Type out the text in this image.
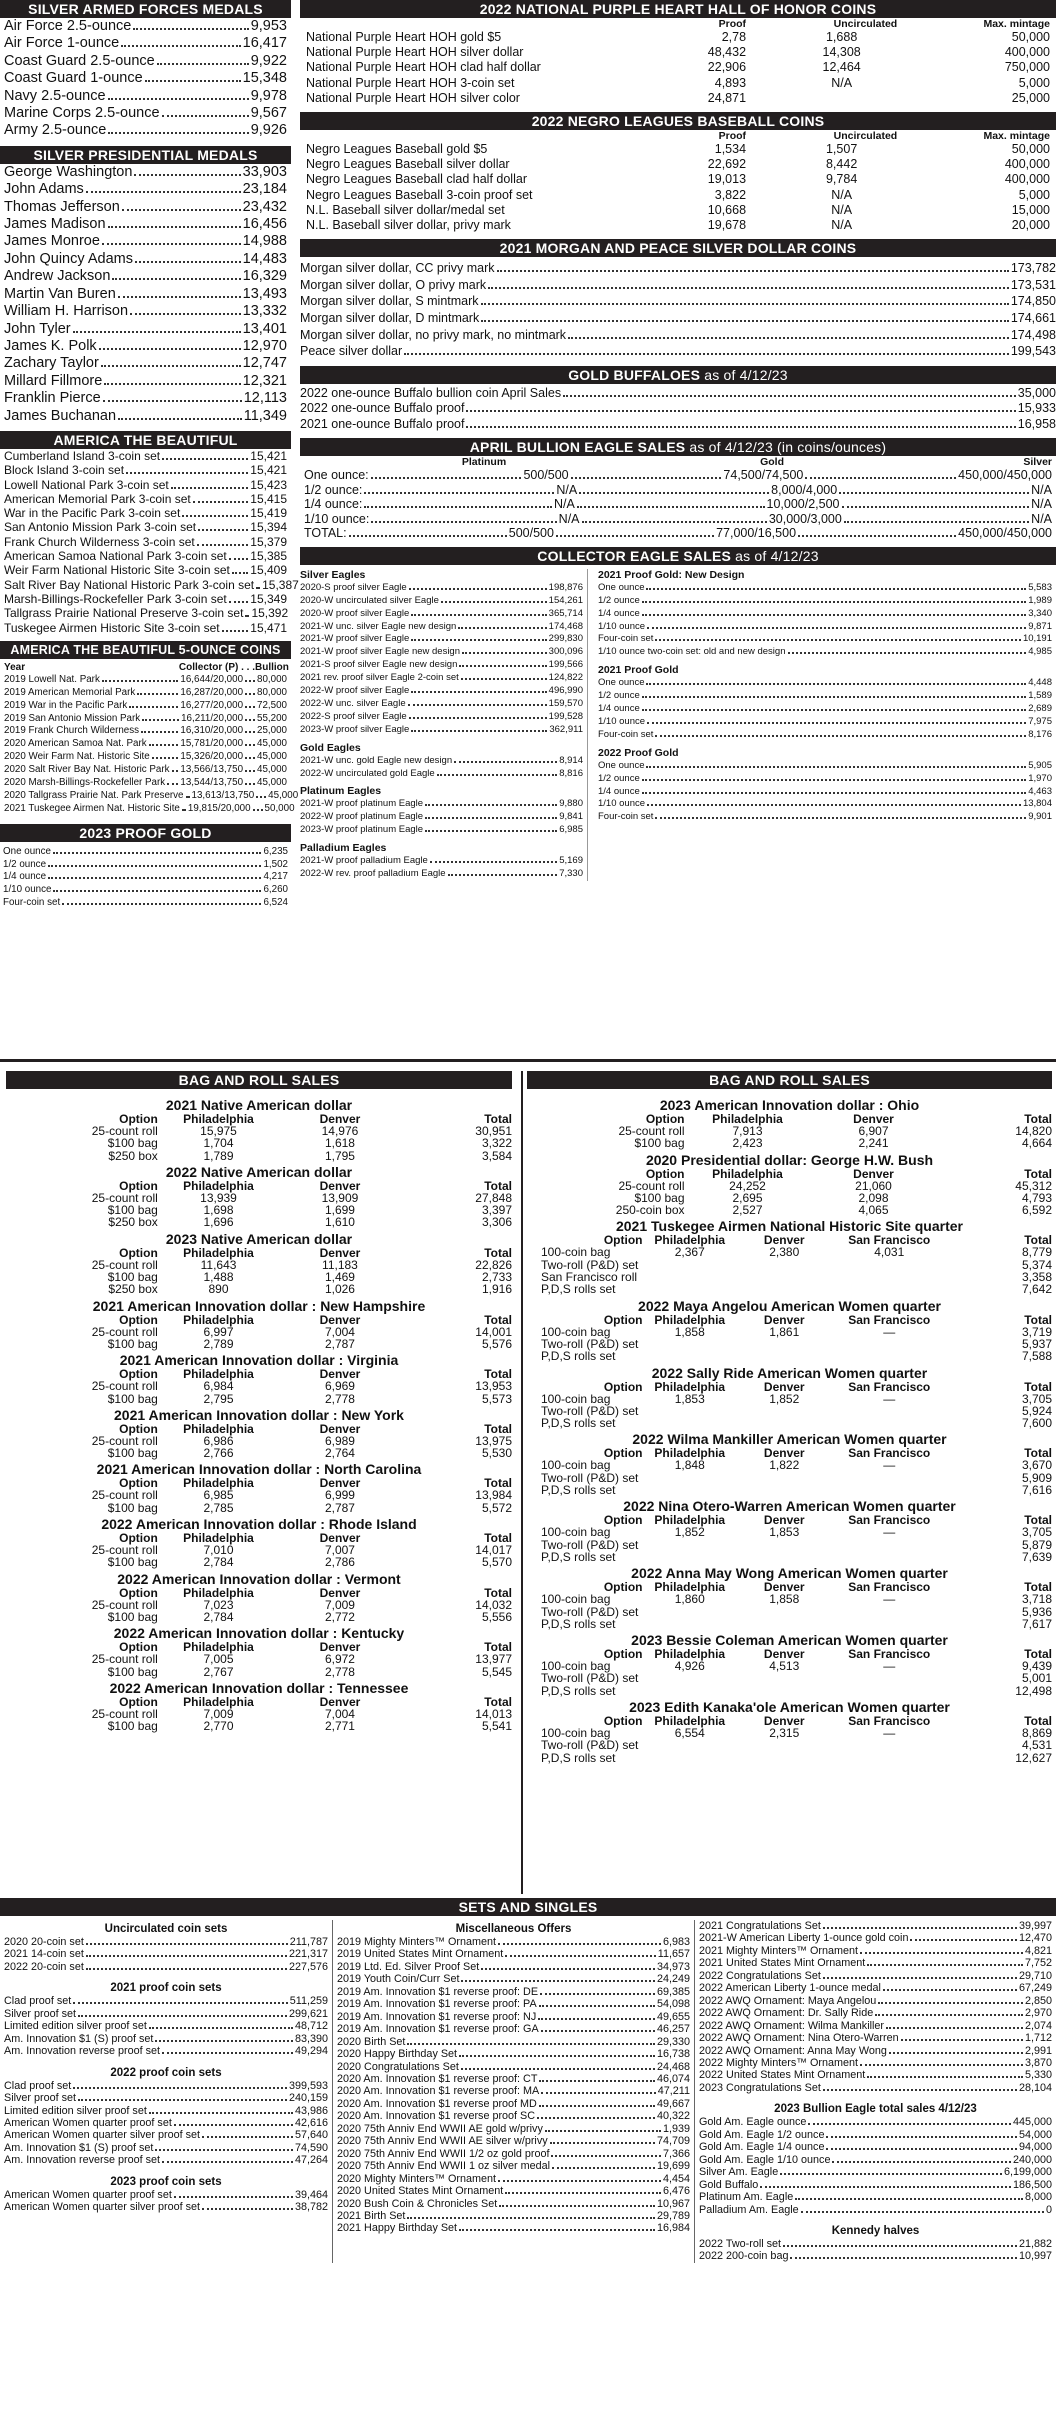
SILVER ARMED FORCES MEDALS
Air Force 2.5-ounce	9,953
Air Force 1-ounce	16,417
Coast Guard 2.5-ounce	9,922
Coast Guard 1-ounce	15,348
Navy 2.5-ounce	9,978
Marine Corps 2.5-ounce	9,567
Army 2.5-ounce	9,926
SILVER PRESIDENTIAL MEDALS
George Washington	33,903
John Adams	23,184
Thomas Jefferson	23,432
James Madison	16,456
James Monroe	14,988
John Quincy Adams	14,483
Andrew Jackson	16,329
Martin Van Buren	13,493
William H. Harrison	13,332
John Tyler	13,401
James K. Polk	12,970
Zachary Taylor	12,747
Millard Fillmore	12,321
Franklin Pierce	12,113
James Buchanan	11,349
AMERICA THE BEAUTIFUL
Cumberland Island 3-coin set	15,421
Block Island 3-coin set	15,421
Lowell National Park 3-coin set	15,423
American Memorial Park 3-coin set	15,415
War in the Pacific Park 3-coin set	15,419
San Antonio Mission Park 3-coin set	15,394
Frank Church Wilderness 3-coin set	15,379
American Samoa National Park 3-coin set 15,385
Weir Farm National Historic Site 3-coin set 15,409
Salt River Bay National Historic Park 3-coin set 15,387
Marsh-Billings-Rockefeller Park 3-coin set 15,349
Tallgrass Prairie National Preserve 3-coin set 15,392
Tuskegee Airmen Historic Site 3-coin set	15,471
AMERICA THE BEAUTIFUL 5-OUNCE COINS
Year	Collector (P) . . . Bullion
2019 Lowell Nat. Park	16,644/20,000 80,000
2019 American Memorial Park	16,287/20,000 80,000
2019 War in the Pacific Park	16,277/20,000 72,500
2019 San Antonio Mission Park	16,211/20,000 55,200
2019 Frank Church Wilderness	16,310/20,000 25,000
2020 American Samoa Nat. Park	15,781/20,000 45,000
2020 Weir Farm Nat. Historic Site	15,326/20,000 45,000
2020 Salt River Bay Nat. Historic Park 13,566/13,750 45,000
2020 Marsh-Billings-Rockefeller Park 13,544/13,750 45,000
2020 Tallgrass Prairie Nat. Park Preserve 13,613/13,750 45,000
2021 Tuskegee Airmen Nat. Historic Site 19,815/20,000 50,000
2023 PROOF GOLD
One ounce	6,235
1/2 ounce	1,502
1/4 ounce	4,217
1/10 ounce	6,260
Four-coin set	6,524
2022 NATIONAL PURPLE HEART HALL OF HONOR COINS
	Proof	Uncirculated	Max. mintage
National Purple Heart HOH gold $5	2,78	1,688	50,000
National Purple Heart HOH silver dollar	48,432	14,308	400,000
National Purple Heart HOH clad half dollar	22,906	12,464	750,000
National Purple Heart HOH 3-coin set	4,893	N/A	5,000
National Purple Heart HOH silver color	24,871		25,000
2022 NEGRO LEAGUES BASEBALL COINS
	Proof	Uncirculated	Max. mintage
Negro Leagues Baseball gold $5	1,534	1,507	50,000
Negro Leagues Baseball silver dollar	22,692	8,442	400,000
Negro Leagues Baseball clad half dollar	19,013	9,784	400,000
Negro Leagues Baseball 3-coin proof set	3,822	N/A	5,000
N.L. Baseball silver dollar/medal set	10,668	N/A	15,000
N.L. Baseball silver dollar, privy mark	19,678	N/A	20,000
2021 MORGAN AND PEACE SILVER DOLLAR COINS
Morgan silver dollar, CC privy mark	173,782
Morgan silver dollar, O privy mark	173,531
Morgan silver dollar, S mintmark	174,850
Morgan silver dollar, D mintmark	174,661
Morgan silver dollar, no privy mark, no mintmark	174,498
Peace silver dollar	199,543
GOLD BUFFALOES as of 4/12/23
2022 one-ounce Buffalo bullion coin April Sales	35,000
2022 one-ounce Buffalo proof	15,933
2021 one-ounce Buffalo proof	16,958
APRIL BULLION EAGLE SALES as of 4/12/23 (in coins/ounces)
Platinum	Gold	Silver
One ounce:	500/500	74,500/74,500	450,000/450,000
1/2 ounce:	N/A	8,000/4,000	N/A
1/4 ounce:	N/A	10,000/2,500	N/A
1/10 ounce:	N/A	30,000/3,000	N/A
TOTAL:	500/500	77,000/16,500	450,000/450,000
COLLECTOR EAGLE SALES as of 4/12/23
Silver Eagles
2020-S proof silver Eagle	198,876
2020-W uncirculated silver Eagle	154,261
2020-W proof silver Eagle	365,714
2021-W unc. silver Eagle new design	174,468
2021-W proof silver Eagle	299,830
2021-W proof silver Eagle new design	300,096
2021-S proof silver Eagle new design	199,566
2021 rev. proof silver Eagle 2-coin set	124,822
2022-W proof silver Eagle	496,990
2022-W unc. silver Eagle	159,570
2022-S proof silver Eagle	199,528
2023-W proof silver Eagle	362,911
Gold Eagles
2021-W unc. gold Eagle new design	8,914
2022-W uncirculated gold Eagle	8,816
Platinum Eagles
2021-W proof platinum Eagle	9,880
2022-W proof platinum Eagle	9,841
2023-W proof platinum Eagle	6,985
Palladium Eagles
2021-W proof palladium Eagle	5,169
2022-W rev. proof palladium Eagle	7,330
2021 Proof Gold: New Design
One ounce	5,583
1/2 ounce	1,989
1/4 ounce	3,340
1/10 ounce	9,871
Four-coin set	10,191
1/10 ounce two-coin set: old and new design	4,985
2021 Proof Gold
One ounce	4,448
1/2 ounce	1,589
1/4 ounce	2,689
1/10 ounce	7,975
Four-coin set	8,176
2022 Proof Gold
One ounce	5,905
1/2 ounce	1,970
1/4 ounce	4,463
1/10 ounce	13,804
Four-coin set	9,901
BAG AND ROLL SALES
2021 Native American dollar
Option	Philadelphia	Denver	Total
25-count roll	15,975	14,976	30,951
$100 bag	1,704	1,618	3,322
$250 box	1,789	1,795	3,584
2022 Native American dollar
Option	Philadelphia	Denver	Total
25-count roll	13,939	13,909	27,848
$100 bag	1,698	1,699	3,397
$250 box	1,696	1,610	3,306
2023 Native American dollar
Option	Philadelphia	Denver	Total
25-count roll	11,643	11,183	22,826
$100 bag	1,488	1,469	2,733
$250 box	890	1,026	1,916
2021 American Innovation dollar : New Hampshire
Option	Philadelphia	Denver	Total
25-count roll	6,997	7,004	14,001
$100 bag	2,789	2,787	5,576
2021 American Innovation dollar : Virginia
Option	Philadelphia	Denver	Total
25-count roll	6,984	6,969	13,953
$100 bag	2,795	2,778	5,573
2021 American Innovation dollar : New York
Option	Philadelphia	Denver	Total
25-count roll	6,986	6,989	13,975
$100 bag	2,766	2,764	5,530
2021 American Innovation dollar : North Carolina
Option	Philadelphia	Denver	Total
25-count roll	6,985	6,999	13,984
$100 bag	2,785	2,787	5,572
2022 American Innovation dollar : Rhode Island
Option	Philadelphia	Denver	Total
25-count roll	7,010	7,007	14,017
$100 bag	2,784	2,786	5,570
2022 American Innovation dollar : Vermont
Option	Philadelphia	Denver	Total
25-count roll	7,023	7,009	14,032
$100 bag	2,784	2,772	5,556
2022 American Innovation dollar : Kentucky
Option	Philadelphia	Denver	Total
25-count roll	7,005	6,972	13,977
$100 bag	2,767	2,778	5,545
2022 American Innovation dollar : Tennessee
Option	Philadelphia	Denver	Total
25-count roll	7,009	7,004	14,013
$100 bag	2,770	2,771	5,541
BAG AND ROLL SALES
2023 American Innovation dollar : Ohio
Option	Philadelphia	Denver	Total
25-count roll	7,913	6,907	14,820
$100 bag	2,423	2,241	4,664
2020 Presidential dollar: George H.W. Bush
Option	Philadelphia	Denver	Total
25-count roll	24,252	21,060	45,312
$100 bag	2,695	2,098	4,793
250-coin box	2,527	4,065	6,592
2021 Tuskegee Airmen National Historic Site quarter
Option	Philadelphia	Denver	San Francisco	Total
100-coin bag	2,367	2,380	4,031	8,779
Two-roll (P&D) set				5,374
San Francisco roll				3,358
P,D,S rolls set				7,642
2022 Maya Angelou American Women quarter
Option	Philadelphia	Denver	San Francisco	Total
100-coin bag	1,858	1,861	—	3,719
Two-roll (P&D) set				5,937
P,D,S rolls set				7,588
2022 Sally Ride American Women quarter
Option	Philadelphia	Denver	San Francisco	Total
100-coin bag	1,853	1,852	—	3,705
Two-roll (P&D) set				5,924
P,D,S rolls set				7,600
2022 Wilma Mankiller American Women quarter
Option	Philadelphia	Denver	San Francisco	Total
100-coin bag	1,848	1,822	—	3,670
Two-roll (P&D) set				5,909
P,D,S rolls set				7,616
2022 Nina Otero-Warren American Women quarter
Option	Philadelphia	Denver	San Francisco	Total
100-coin bag	1,852	1,853	—	3,705
Two-roll (P&D) set				5,879
P,D,S rolls set				7,639
2022 Anna May Wong American Women quarter
Option	Philadelphia	Denver	San Francisco	Total
100-coin bag	1,860	1,858	—	3,718
Two-roll (P&D) set				5,936
P,D,S rolls set				7,617
2023 Bessie Coleman American Women quarter
Option	Philadelphia	Denver	San Francisco	Total
100-coin bag	4,926	4,513	—	9,439
Two-roll (P&D) set				5,001
P,D,S rolls set				12,498
2023 Edith Kanaka'ole American Women quarter
Option	Philadelphia	Denver	San Francisco	Total
100-coin bag	6,554	2,315	—	8,869
Two-roll (P&D) set				4,531
P,D,S rolls set				12,627
SETS AND SINGLES
Uncirculated coin sets
2020 20-coin set	211,787
2021 14-coin set	221,317
2022 20-coin set	227,576
2021 proof coin sets
Clad proof set	511,259
Silver proof set	299,621
Limited edition silver proof set	48,712
Am. Innovation $1 (S) proof set	83,390
Am. Innovation reverse proof set	49,294
2022 proof coin sets
Clad proof set	399,593
Silver proof set	240,159
Limited edition silver proof set	43,986
American Women quarter proof set	42,616
American Women quarter silver proof set	57,640
Am. Innovation $1 (S) proof set	74,590
Am. Innovation reverse proof set	47,264
2023 proof coin sets
American Women quarter proof set	39,464
American Women quarter silver proof set	38,782
Miscellaneous Offers
2019 Mighty Minters™ Ornament	6,983
2019 United States Mint Ornament	11,657
2019 Ltd. Ed. Silver Proof Set	34,973
2019 Youth Coin/Curr Set	24,249
2019 Am. Innovation $1 reverse proof: DE	69,385
2019 Am. Innovation $1 reverse proof: PA	54,098
2019 Am. Innovation $1 reverse proof: NJ	49,655
2019 Am. Innovation $1 reverse proof: GA	46,257
2020 Birth Set	29,330
2020 Happy Birthday Set	16,738
2020 Congratulations Set	24,468
2020 Am. Innovation $1 reverse proof: CT	46,074
2020 Am. Innovation $1 reverse proof: MA	47,211
2020 Am. Innovation $1 reverse proof MD	49,667
2020 Am. Innovation $1 reverse proof SC	40,322
2020 75th Anniv End WWII AE gold w/privy	1,939
2020 75th Anniv End WWII AE silver w/privy	74,709
2020 75th Anniv End WWII 1/2 oz gold proof	7,366
2020 75th Anniv End WWII 1 oz silver medal	19,699
2020 Mighty Minters™ Ornament	4,454
2020 United States Mint Ornament	6,476
2020 Bush Coin & Chronicles Set	10,967
2021 Birth Set	29,789
2021 Happy Birthday Set	16,984
2021 Congratulations Set	39,997
2021-W American Liberty 1-ounce gold coin	12,470
2021 Mighty Minters™ Ornament	4,821
2021 United States Mint Ornament	7,752
2022 Congratulations Set	29,710
2022 American Liberty 1-ounce medal	67,249
2022 AWQ Ornament: Maya Angelou	2,850
2022 AWQ Ornament: Dr. Sally Ride	2,970
2022 AWQ Ornament: Wilma Mankiller	2,074
2022 AWQ Ornament: Nina Otero-Warren	1,712
2022 AWQ Ornament: Anna May Wong	2,991
2022 Mighty Minters™ Ornament	3,870
2022 United States Mint Ornament	5,330
2023 Congratulations Set	28,104
2023 Bullion Eagle total sales 4/12/23
Gold Am. Eagle ounce	445,000
Gold Am. Eagle 1/2 ounce	54,000
Gold Am. Eagle 1/4 ounce	94,000
Gold Am. Eagle 1/10 ounce	240,000
Silver Am. Eagle	6,199,000
Gold Buffalo	186,500
Platinum Am. Eagle	8,000
Palladium Am. Eagle	0
Kennedy halves
2022 Two-roll set	21,882
2022 200-coin bag	10,997
